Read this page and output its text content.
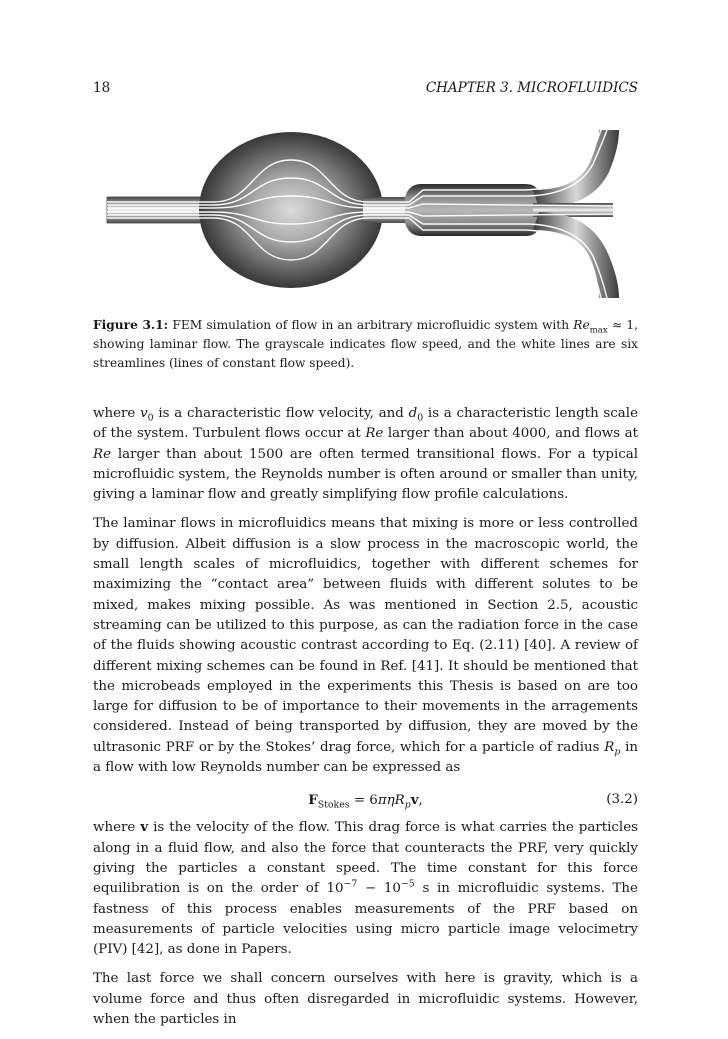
18	CHAPTER 3. MICROFLUIDICS
Figure 3.1: FEM simulation of flow in an arbitrary microfluidic system with $Re_{max} \approx 1$, showing laminar flow. The grayscale indicates flow speed, and the white lines are six streamlines (lines of constant flow speed).

where $v_0$ is a characteristic flow velocity, and $d_0$ is a characteristic length scale of the system. Turbulent flows occur at Re larger than about 4000, and flows at Re larger than about 1500 are often termed transitional flows. For a typical microfluidic system, the Reynolds number is often around or smaller than unity, giving a laminar flow and greatly simplifying flow profile calculations.

The laminar flows in microfluidics means that mixing is more or less controlled by diffusion. Albeit diffusion is a slow process in the macroscopic world, the small length scales of microfluidics, together with different schemes for maximizing the “contact area” between fluids with different solutes to be mixed, makes mixing possible. As was mentioned in Section 2.5, acoustic streaming can be utilized to this purpose, as can the radiation force in the case of the fluids showing acoustic contrast according to Eq. (2.11) [40]. A review of different mixing schemes can be found in Ref. [41]. It should be mentioned that the microbeads employed in the experiments this Thesis is based on are too large for diffusion to be of importance to their movements in the arragements considered. Instead of being transported by diffusion, they are moved by the ultrasonic PRF or by the Stokes’ drag force, which for a particle of radius $R_p$ in a flow with low Reynolds number can be expressed as

$F_{Stokes} = 6\pi\eta R_pv$,	(3.2)

where v is the velocity of the flow. This drag force is what carries the particles along in a fluid flow, and also the force that counteracts the PRF, very quickly giving the particles a constant speed. The time constant for this force equilibration is on the order of $10^{-7} - 10^{-5}$ s in microfluidic systems. The fastness of this process enables measurements of the PRF based on measurements of particle velocities using micro particle image velocimetry (PIV) [42], as done in Papers.

The last force we shall concern ourselves with here is gravity, which is a volume force and thus often disregarded in microfluidic systems. However, when the particles in
